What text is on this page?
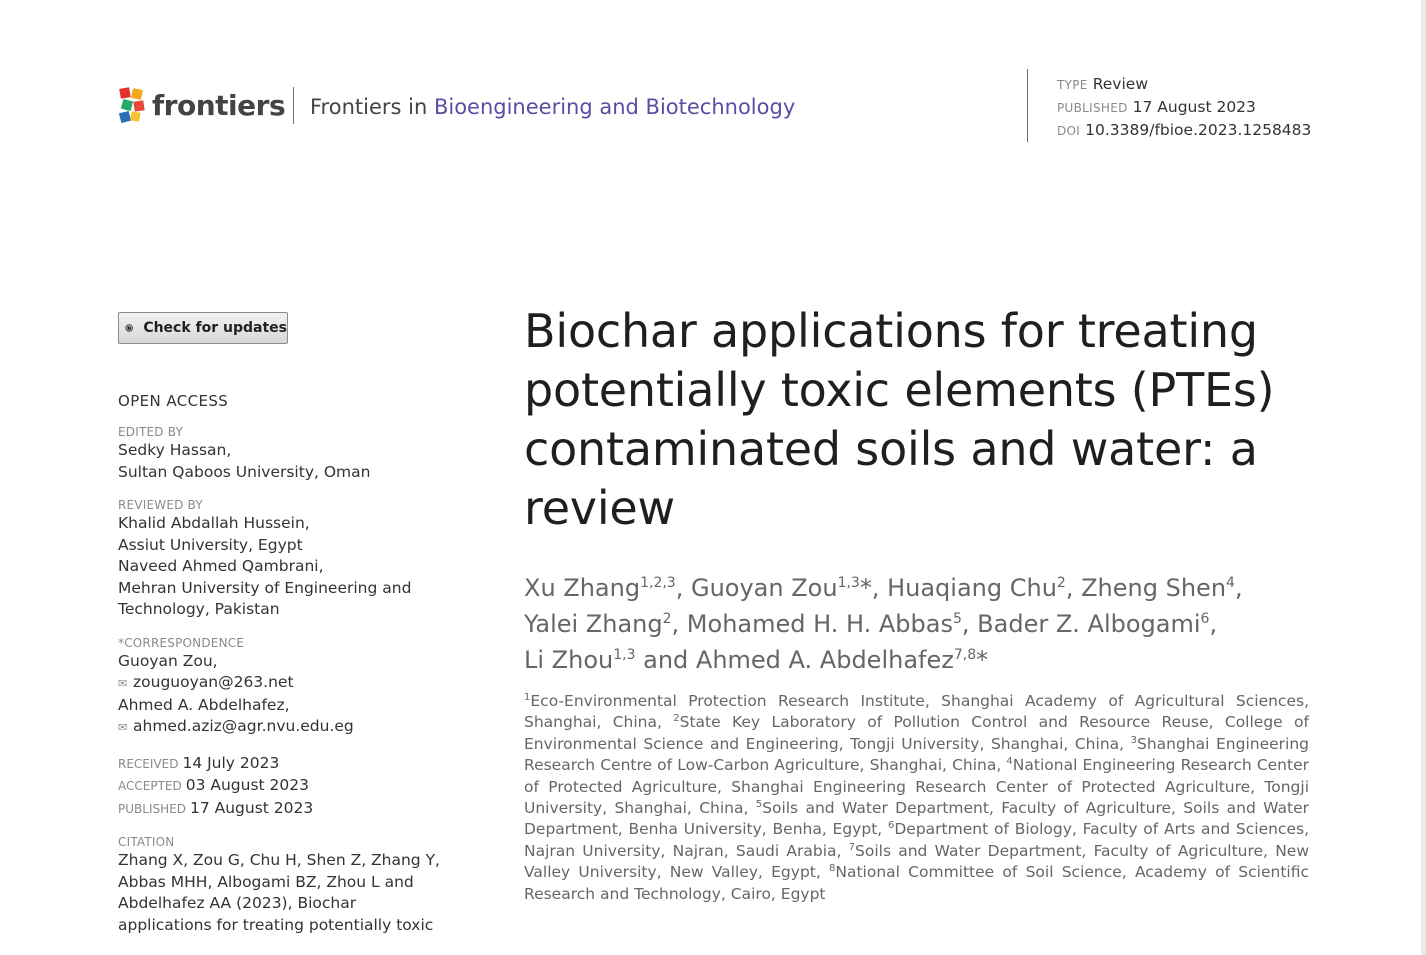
frontiers Frontiers in Bioengineering and Biotechnology
TYPE Review
PUBLISHED 17 August 2023
DOI 10.3389/fbioe.2023.1258483
Check for updates
OPEN ACCESS
EDITED BY
Sedky Hassan,
Sultan Qaboos University, Oman
REVIEWED BY
Khalid Abdallah Hussein,
Assiut University, Egypt
Naveed Ahmed Qambrani,
Mehran University of Engineering and
Technology, Pakistan
*CORRESPONDENCE
Guoyan Zou,
✉ zouguoyan@263.net
Ahmed A. Abdelhafez,
✉ ahmed.aziz@agr.nvu.edu.eg
RECEIVED 14 July 2023
ACCEPTED 03 August 2023
PUBLISHED 17 August 2023
CITATION
Zhang X, Zou G, Chu H, Shen Z, Zhang Y,
Abbas MHH, Albogami BZ, Zhou L and
Abdelhafez AA (2023), Biochar
applications for treating potentially toxic
Biochar applications for treating potentially toxic elements (PTEs) contaminated soils and water: a review
Xu Zhang$^{1,2,3}$, Guoyan Zou$^{1,3}$*, Huaqiang Chu$^2$, Zheng Shen$^4$,
Yalei Zhang$^2$, Mohamed H. H. Abbas$^5$, Bader Z. Albogami$^6$,
Li Zhou$^{1,3}$ and Ahmed A. Abdelhafez$^{7,8}$*
$^1$Eco-Environmental Protection Research Institute, Shanghai Academy of Agricultural Sciences, Shanghai, China, $^2$State Key Laboratory of Pollution Control and Resource Reuse, College of Environmental Science and Engineering, Tongji University, Shanghai, China, $^3$Shanghai Engineering Research Centre of Low-Carbon Agriculture, Shanghai, China, $^4$National Engineering Research Center of Protected Agriculture, Shanghai Engineering Research Center of Protected Agriculture, Tongji University, Shanghai, China, $^5$Soils and Water Department, Faculty of Agriculture, Soils and Water Department, Benha University, Benha, Egypt, $^6$Department of Biology, Faculty of Arts and Sciences, Najran University, Najran, Saudi Arabia, $^7$Soils and Water Department, Faculty of Agriculture, New Valley University, New Valley, Egypt, $^8$National Committee of Soil Science, Academy of Scientific Research and Technology, Cairo, Egypt
